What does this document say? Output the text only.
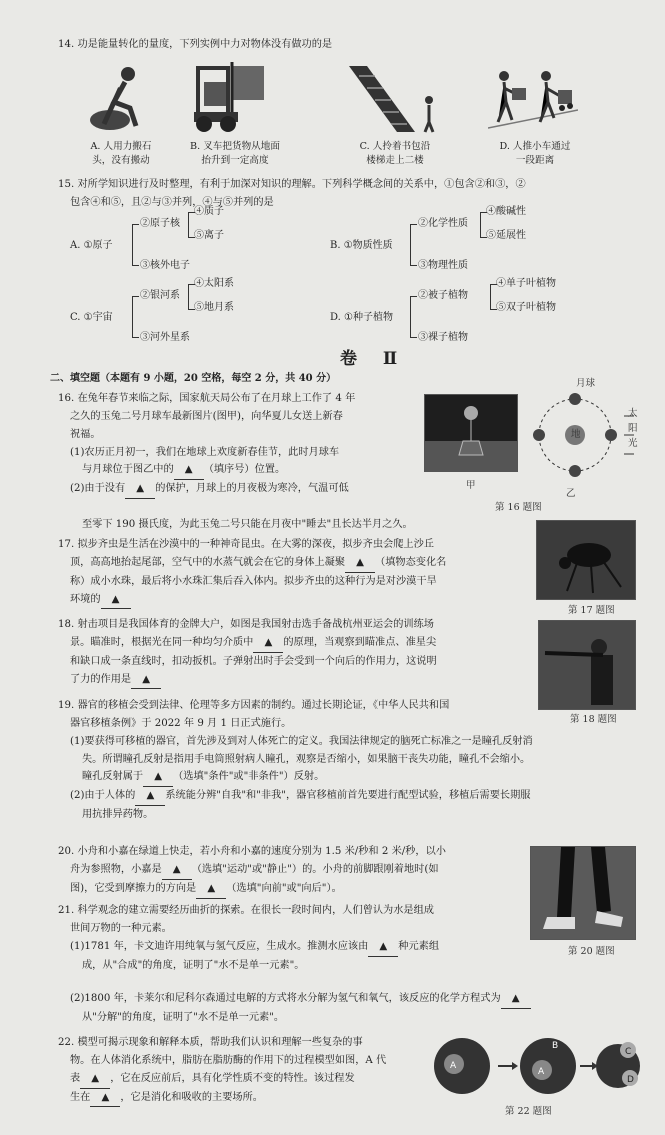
14. 功是能量转化的量度，下列实例中力对物体没有做功的是
A. 人用力搬石
头，没有搬动
B. 叉车把货物从地面
抬升到一定高度
C. 人拎着书包沿
楼梯走上二楼
D. 人推小车通过
一段距离
15. 对所学知识进行及时整理，有利于加深对知识的理解。下列科学概念间的关系中，①包含②和③，②
包含④和⑤，且②与③并列，④与⑤并列的是
A. ①原子
②原子核
③核外电子
④质子
⑤离子
B. ①物质性质
②化学性质
③物理性质
④酸碱性
⑤延展性
C. ①宇宙
②银河系
③河外星系
④太阳系
⑤地月系
D. ①种子植物
②被子植物
③裸子植物
④单子叶植物
⑤双子叶植物
卷 Ⅱ
二、填空题（本题有 9 小题，20 空格，每空 2 分，共 40 分）
16. 在兔年春节来临之际，国家航天局公布了在月球上工作了 4 年
之久的玉兔二号月球车最新图片(图甲)，向华夏儿女送上新春
祝福。
(1)农历正月初一，我们在地球上欢度新春佳节，此时月球车
与月球位于图乙中的 ▲ （填序号）位置。
(2)由于没有 ▲ 的保护，月球上的月夜极为寒冷，气温可低
至零下 190 摄氏度，为此玉兔二号只能在月夜中"睡去"且长达半月之久。
甲
月球
太阳光
地
乙
第 16 题图
17. 拟步齐虫是生活在沙漠中的一种神奇昆虫。在大雾的深夜，拟步齐虫会爬上沙丘
顶，高高地抬起尾部，空气中的水蒸气就会在它的身体上凝聚 ▲ （填物态变化名
称）成小水珠，最后将小水珠汇集后吞入体内。拟步齐虫的这种行为是对沙漠干旱
环境的 ▲
第 17 题图
18. 射击项目是我国体育的金牌大户，如图是我国射击选手备战杭州亚运会的训练场
景。瞄准时，根据光在同一种均匀介质中 ▲ 的原理，当观察到瞄准点、准星尖
和缺口成一条直线时，扣动扳机。子弹射出时手会受到一个向后的作用力，这说明
了力的作用是 ▲
第 18 题图
19. 器官的移植会受到法律、伦理等多方因素的制约。通过长期论证，《中华人民共和国
器官移植条例》于 2022 年 9 月 1 日正式施行。
(1)要获得可移植的器官，首先涉及到对人体死亡的定义。我国法律规定的脑死亡标准之一是瞳孔反射消
失。所谓瞳孔反射是指用手电筒照射病人瞳孔，观察是否缩小，如果脑干丧失功能，瞳孔不会缩小。
瞳孔反射属于 ▲ （选填"条件"或"非条件"）反射。
(2)由于人体的 ▲ 系统能分辨"自我"和"非我"，器官移植前首先要进行配型试验，移植后需要长期服
用抗排异药物。
20. 小舟和小嘉在绿道上快走，若小舟和小嘉的速度分别为 1.5 米/秒和 2 米/秒，以小
舟为参照物，小嘉是 ▲ （选填"运动"或"静止"）的。小舟的前脚跟刚着地时(如
图)，它受到摩擦力的方向是 ▲ （选填"向前"或"向后"）。
第 20 题图
21. 科学观念的建立需要经历曲折的探索。在很长一段时间内，人们曾认为水是组成
世间万物的一种元素。
(1)1781 年，卡文迪许用纯氧与氢气反应，生成水。推测水应该由 ▲ 种元素组
成，从"合成"的角度，证明了"水不是单一元素"。
(2)1800 年，卡莱尔和尼科尔森通过电解的方式将水分解为氢气和氧气，该反应的化学方程式为 ▲
从"分解"的角度，证明了"水不是单一元素"。
22. 模型可揭示现象和解释本质，帮助我们认识和理解一些复杂的事
物。在人体消化系统中，脂肪在脂肪酶的作用下的过程模型如图，A 代
表 ▲ ，它在反应前后，具有化学性质不变的特性。该过程发
生在 ▲ ，它是消化和吸收的主要场所。
A
A
B
C
D
第 22 题图
